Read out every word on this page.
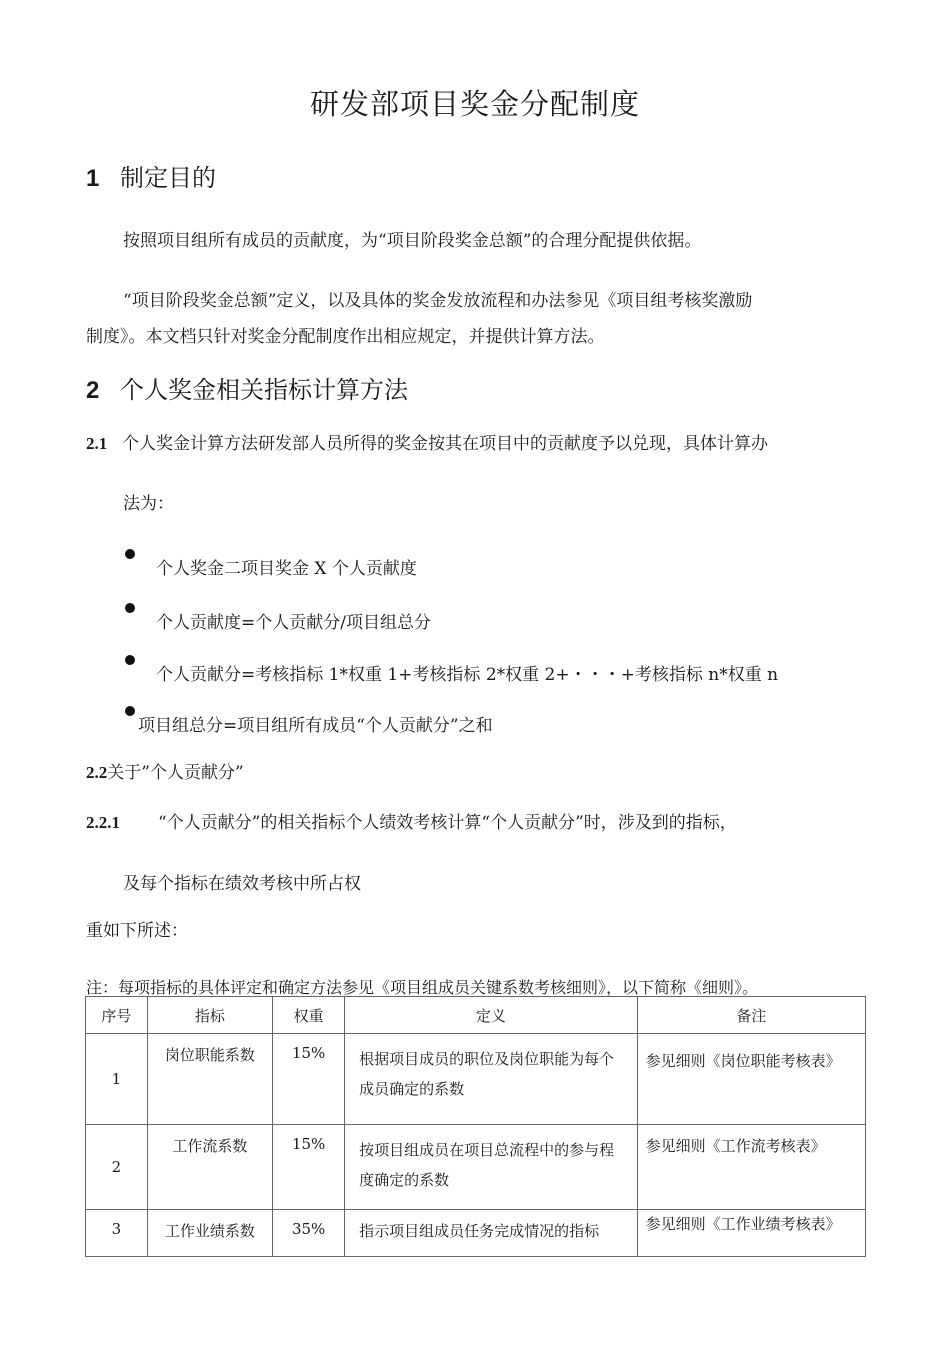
研发部项目奖金分配制度
1 制定目的
按照项目组所有成员的贡献度，为“项目阶段奖金总额”的合理分配提供依据。
“项目阶段奖金总额”定义，以及具体的奖金发放流程和办法参见《项目组考核奖激励
制度》。本文档只针对奖金分配制度作出相应规定，并提供计算方法。
2 个人奖金相关指标计算方法
2.1 个人奖金计算方法研发部人员所得的奖金按其在项目中的贡献度予以兑现，具体计算办
法为：
个人奖金二项目奖金 X 个人贡献度
个人贡献度=个人贡献分/项目组总分
个人贡献分=考核指标 1*权重 1+考核指标 2*权重 2+・・・+考核指标 n*权重 n
项目组总分=项目组所有成员“个人贡献分”之和
2.2关于”个人贡献分”
2.2.1 “个人贡献分”的相关指标个人绩效考核计算“个人贡献分”时，涉及到的指标，
及每个指标在绩效考核中所占权
重如下所述：
注：每项指标的具体评定和确定方法参见《项目组成员关键系数考核细则》，以下简称《细则》。
序号	指标	权重	定义	备注
1	岗位职能系数	15%	根据项目成员的职位及岗位职能为每个成员确定的系数	参见细则《岗位职能考核表》
2	工作流系数	15%	按项目组成员在项目总流程中的参与程度确定的系数	参见细则《工作流考核表》
3	工作业绩系数	35%	指示项目组成员任务完成情况的指标	参见细则《工作业绩考核表》
